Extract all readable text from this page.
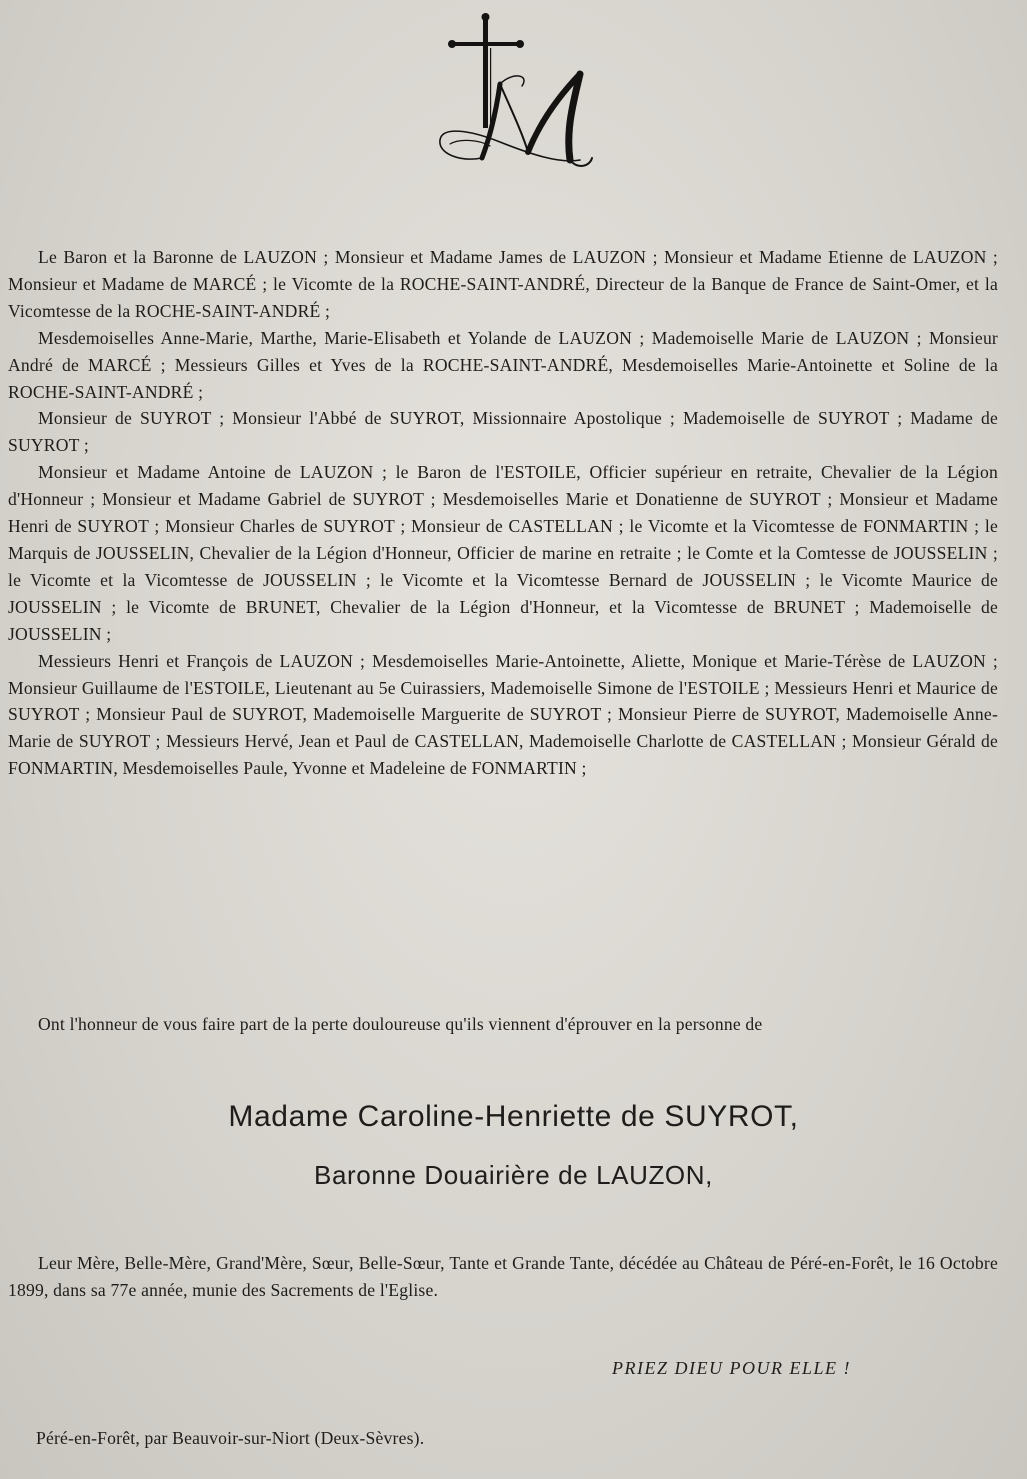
Le Baron et la Baronne de LAUZON ; Monsieur et Madame James de LAUZON ; Monsieur et Madame Etienne de LAUZON ; Monsieur et Madame de MARCÉ ; le Vicomte de la ROCHE-SAINT-ANDRÉ, Directeur de la Banque de France de Saint-Omer, et la Vicomtesse de la ROCHE-SAINT-ANDRÉ ;

Mesdemoiselles Anne-Marie, Marthe, Marie-Elisabeth et Yolande de LAUZON ; Mademoiselle Marie de LAUZON ; Monsieur André de MARCÉ ; Messieurs Gilles et Yves de la ROCHE-SAINT-ANDRÉ, Mesdemoiselles Marie-Antoinette et Soline de la ROCHE-SAINT-ANDRÉ ;

Monsieur de SUYROT ; Monsieur l'Abbé de SUYROT, Missionnaire Apostolique ; Mademoiselle de SUYROT ; Madame de SUYROT ;

Monsieur et Madame Antoine de LAUZON ; le Baron de l'ESTOILE, Officier supérieur en retraite, Chevalier de la Légion d'Honneur ; Monsieur et Madame Gabriel de SUYROT ; Mesdemoiselles Marie et Donatienne de SUYROT ; Monsieur et Madame Henri de SUYROT ; Monsieur Charles de SUYROT ; Monsieur de CASTELLAN ; le Vicomte et la Vicomtesse de FONMARTIN ; le Marquis de JOUSSELIN, Chevalier de la Légion d'Honneur, Officier de marine en retraite ; le Comte et la Comtesse de JOUSSELIN ; le Vicomte et la Vicomtesse de JOUSSELIN ; le Vicomte et la Vicomtesse Bernard de JOUSSELIN ; le Vicomte Maurice de JOUSSELIN ; le Vicomte de BRUNET, Chevalier de la Légion d'Honneur, et la Vicomtesse de BRUNET ; Mademoiselle de JOUSSELIN ;

Messieurs Henri et François de LAUZON ; Mesdemoiselles Marie-Antoinette, Aliette, Monique et Marie-Térèse de LAUZON ; Monsieur Guillaume de l'ESTOILE, Lieutenant au 5e Cuirassiers, Mademoiselle Simone de l'ESTOILE ; Messieurs Henri et Maurice de SUYROT ; Monsieur Paul de SUYROT, Mademoiselle Marguerite de SUYROT ; Monsieur Pierre de SUYROT, Mademoiselle Anne-Marie de SUYROT ; Messieurs Hervé, Jean et Paul de CASTELLAN, Mademoiselle Charlotte de CASTELLAN ; Monsieur Gérald de FONMARTIN, Mesdemoiselles Paule, Yvonne et Madeleine de FONMARTIN ;

Ont l'honneur de vous faire part de la perte douloureuse qu'ils viennent d'éprouver en la personne de

Madame Caroline-Henriette de SUYROT,

Baronne Douairière de LAUZON,

Leur Mère, Belle-Mère, Grand'Mère, Sœur, Belle-Sœur, Tante et Grande Tante, décédée au Château de Péré-en-Forêt, le 16 Octobre 1899, dans sa 77e année, munie des Sacrements de l'Eglise.

PRIEZ DIEU POUR ELLE !

Péré-en-Forêt, par Beauvoir-sur-Niort (Deux-Sèvres).
